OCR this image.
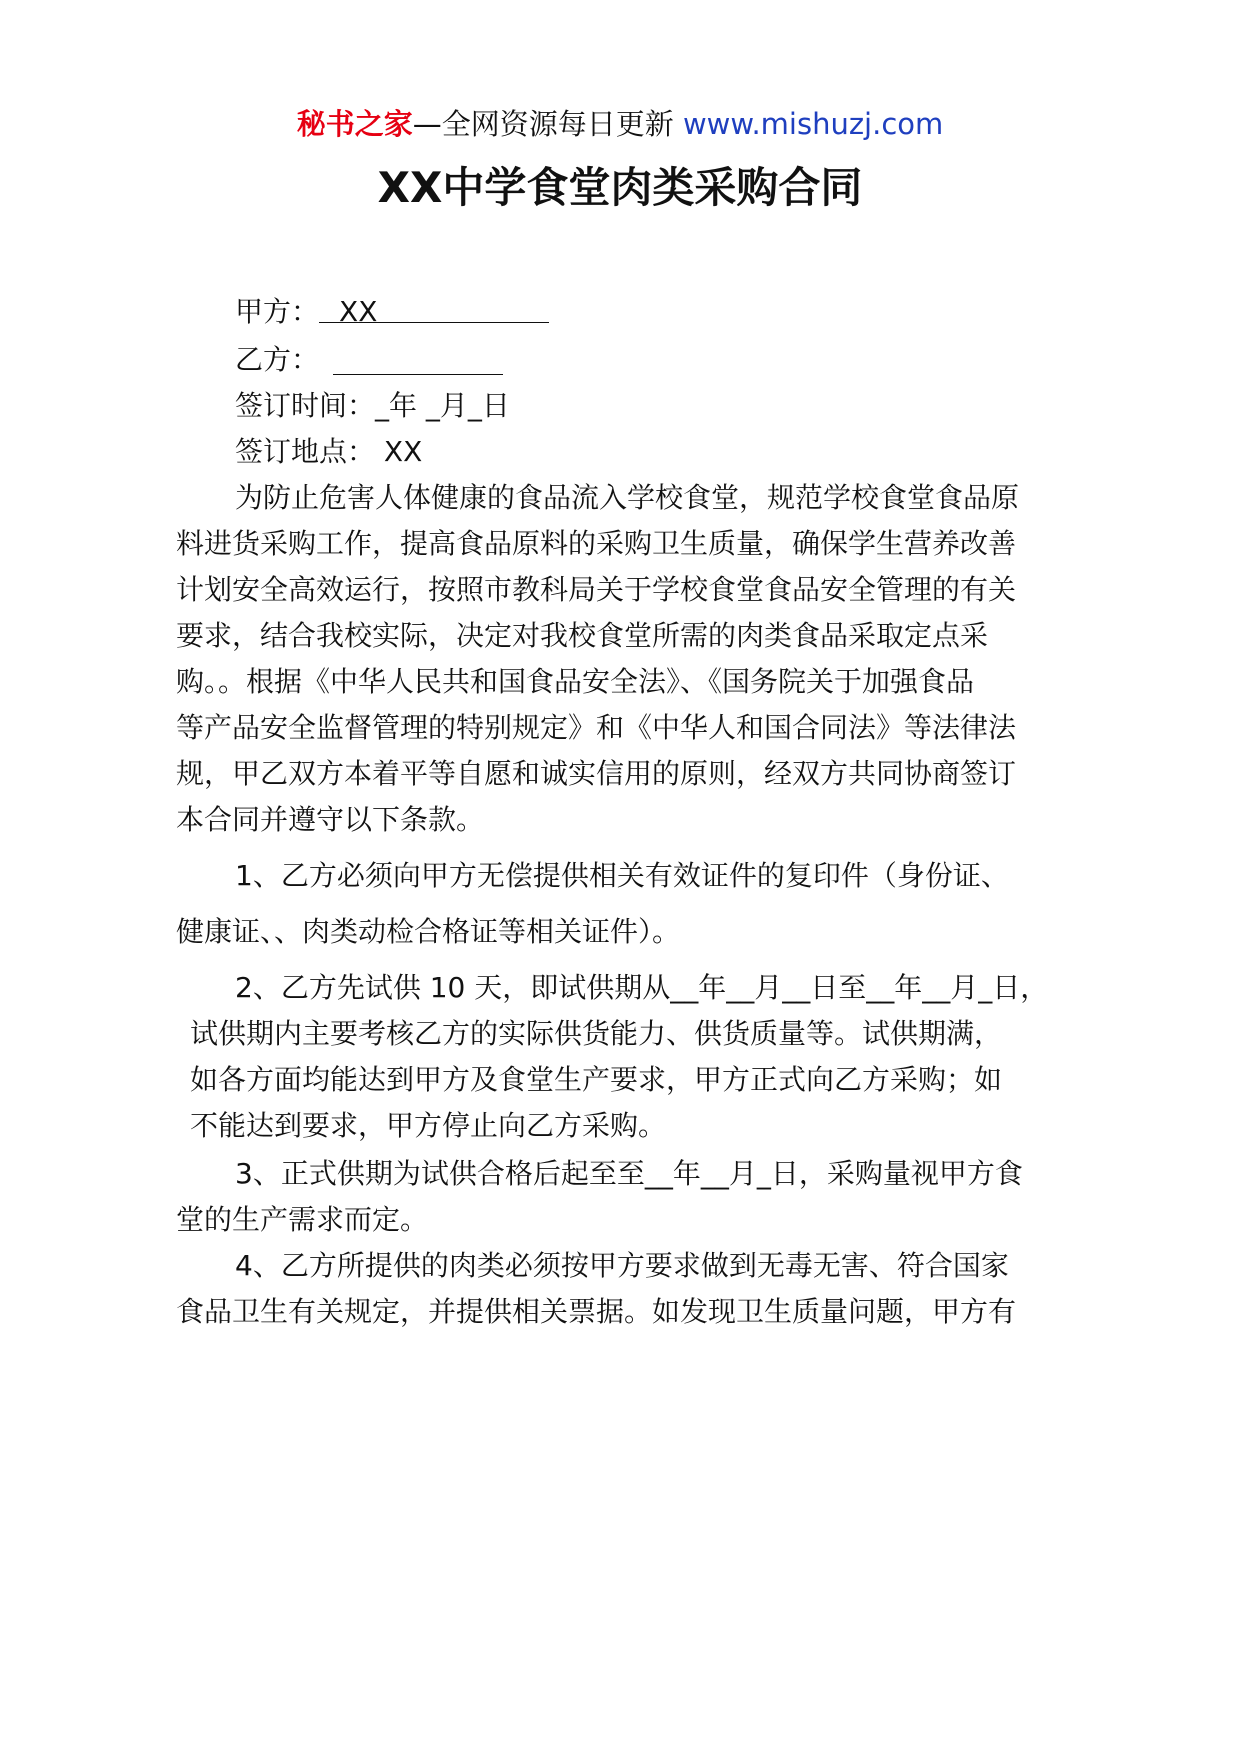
秘书之家—全网资源每日更新 www.mishuzj.com
XX中学食堂肉类采购合同
甲方： XX
乙方：
签订时间：_年 _月_日
签订地点： XX
为防止危害人体健康的食品流入学校食堂，规范学校食堂食品原
料进货采购工作，提高食品原料的采购卫生质量，确保学生营养改善
计划安全高效运行，按照市教科局关于学校食堂食品安全管理的有关
要求，结合我校实际，决定对我校食堂所需的肉类食品采取定点采
购。。根据《中华人民共和国食品安全法》、《国务院关于加强食品
等产品安全监督管理的特别规定》和《中华人和国合同法》等法律法
规，甲乙双方本着平等自愿和诚实信用的原则，经双方共同协商签订
本合同并遵守以下条款。
1、乙方必须向甲方无偿提供相关有效证件的复印件（身份证、
健康证、、肉类动检合格证等相关证件）。
2、乙方先试供 10 天，即试供期从__年__月__日至__年__月_日，
试供期内主要考核乙方的实际供货能力、供货质量等。试供期满，
如各方面均能达到甲方及食堂生产要求，甲方正式向乙方采购；如
不能达到要求，甲方停止向乙方采购。
3、正式供期为试供合格后起至至__年__月_日，采购量视甲方食
堂的生产需求而定。
4、乙方所提供的肉类必须按甲方要求做到无毒无害、符合国家
食品卫生有关规定，并提供相关票据。如发现卫生质量问题，甲方有
